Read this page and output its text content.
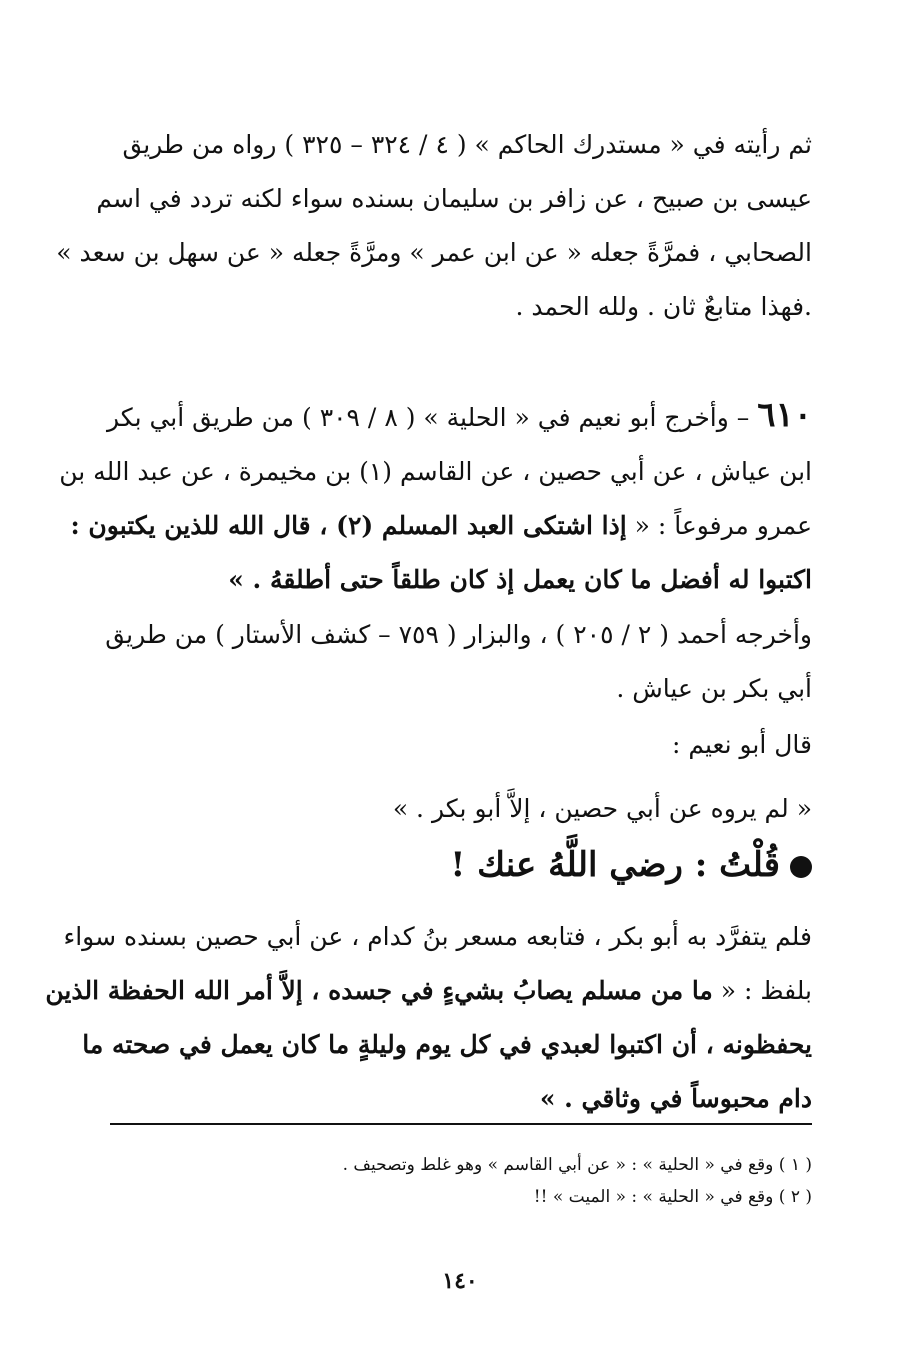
ثم رأيته في « مستدرك الحاكم » ( ٤ / ٣٢٤ – ٣٢٥ ) رواه من طريق
عيسى بن صبيح ، عن زافر بن سليمان بسنده سواء لكنه تردد في اسم
الصحابي ، فمرَّةً جعله « عن ابن عمر » ومرَّةً جعله « عن سهل بن سعد »
.فهذا متابعٌ ثان . ولله الحمد .
٦١٠ – وأخرج أبو نعيم في « الحلية » ( ٨ / ٣٠٩ ) من طريق أبي بكر
ابن عياش ، عن أبي حصين ، عن القاسم (١) بن مخيمرة ، عن عبد الله بن
عمرو مرفوعاً : « إذا اشتكى العبد المسلم (٢) ، قال الله للذين يكتبون :
اكتبوا له أفضل ما كان يعمل إذ كان طلقاً حتى أطلقهُ . »
وأخرجه أحمد ( ٢ / ٢٠٥ ) ، والبزار ( ٧٥٩ – كشف الأستار ) من طريق
أبي بكر بن عياش .
قال أبو نعيم :
« لم يروه عن أبي حصين ، إلاَّ أبو بكر . »
قُلْتُ : رضي اللَّهُ عنك !
فلم يتفرَّد به أبو بكر ، فتابعه مسعر بنُ كدام ، عن أبي حصين بسنده سواء
بلفظ : « ما من مسلم يصابُ بشيءٍ في جسده ، إلاَّ أمر الله الحفظة الذين
يحفظونه ، أن اكتبوا لعبدي في كل يوم وليلةٍ ما كان يعمل في صحته ما
دام محبوساً في وثاقي . »
( ١ ) وقع في « الحلية » : « عن أبي القاسم » وهو غلط وتصحيف .
( ٢ ) وقع في « الحلية » : « الميت » !!
١٤٠
